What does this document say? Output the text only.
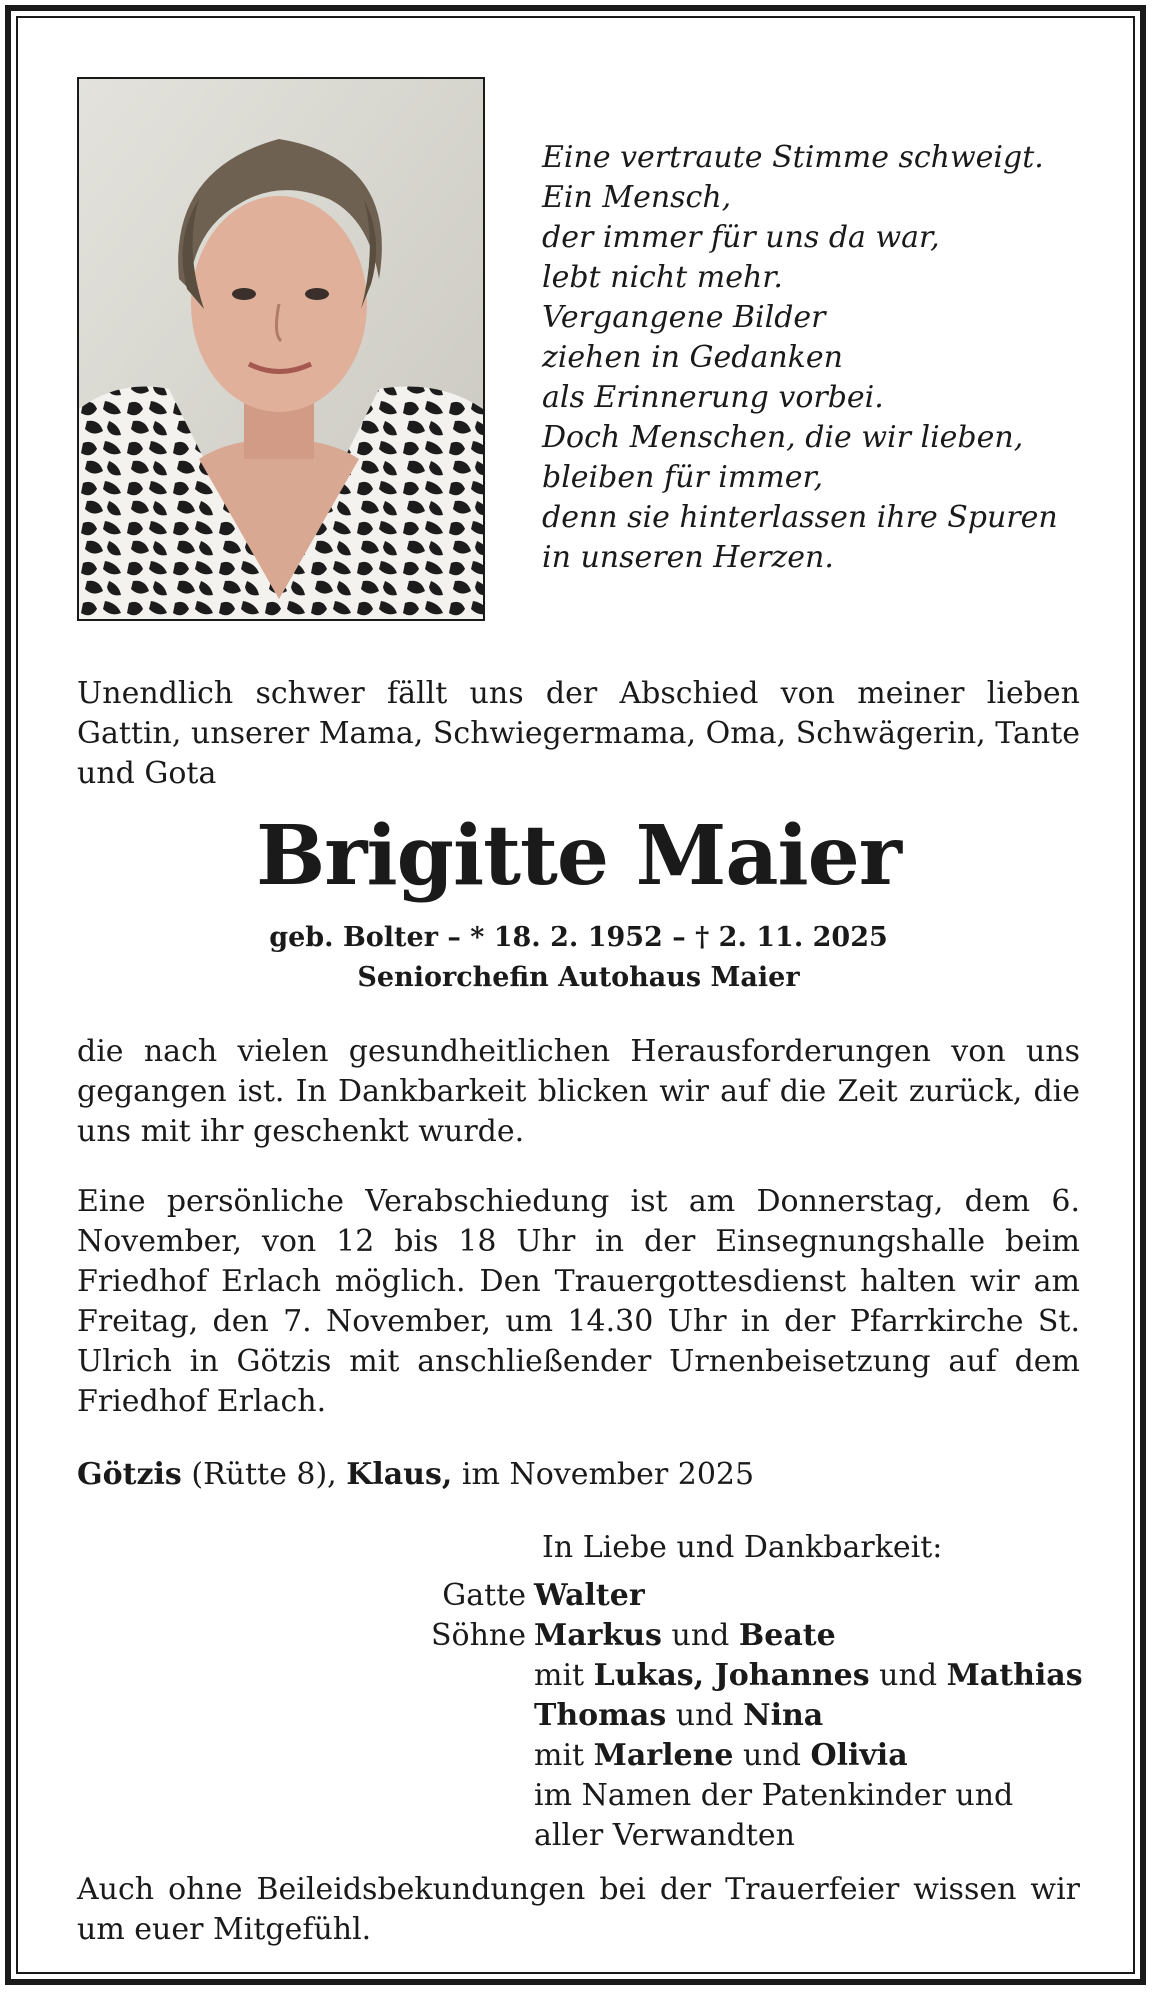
Eine vertraute Stimme schweigt.
Ein Mensch,
der immer für uns da war,
lebt nicht mehr.
Vergangene Bilder
ziehen in Gedanken
als Erinnerung vorbei.
Doch Menschen, die wir lieben,
bleiben für immer,
denn sie hinterlassen ihre Spuren
in unseren Herzen.
Unendlich schwer fällt uns der Abschied von meiner lieben Gattin, unserer Mama, Schwiegermama, Oma, Schwägerin, Tante und Gota
Brigitte Maier
geb. Bolter – * 18. 2. 1952 – † 2. 11. 2025
Seniorchefin Autohaus Maier
die nach vielen gesundheitlichen Herausforderungen von uns gegangen ist. In Dankbarkeit blicken wir auf die Zeit zurück, die uns mit ihr geschenkt wurde.
Eine persönliche Verabschiedung ist am Donnerstag, dem 6. November, von 12 bis 18 Uhr in der Einsegnungshalle beim Friedhof Erlach möglich. Den Trauergottesdienst halten wir am Freitag, den 7. November, um 14.30 Uhr in der Pfarrkirche St. Ulrich in Götzis mit anschließender Urnenbeisetzung auf dem Friedhof Erlach.
Götzis (Rütte 8), Klaus, im November 2025
In Liebe und Dankbarkeit:
Gatte Walter
Söhne Markus und Beate
mit Lukas, Johannes und Mathias
Thomas und Nina
mit Marlene und Olivia
im Namen der Patenkinder und
aller Verwandten
Auch ohne Beileidsbekundungen bei der Trauerfeier wissen wir um euer Mitgefühl.
